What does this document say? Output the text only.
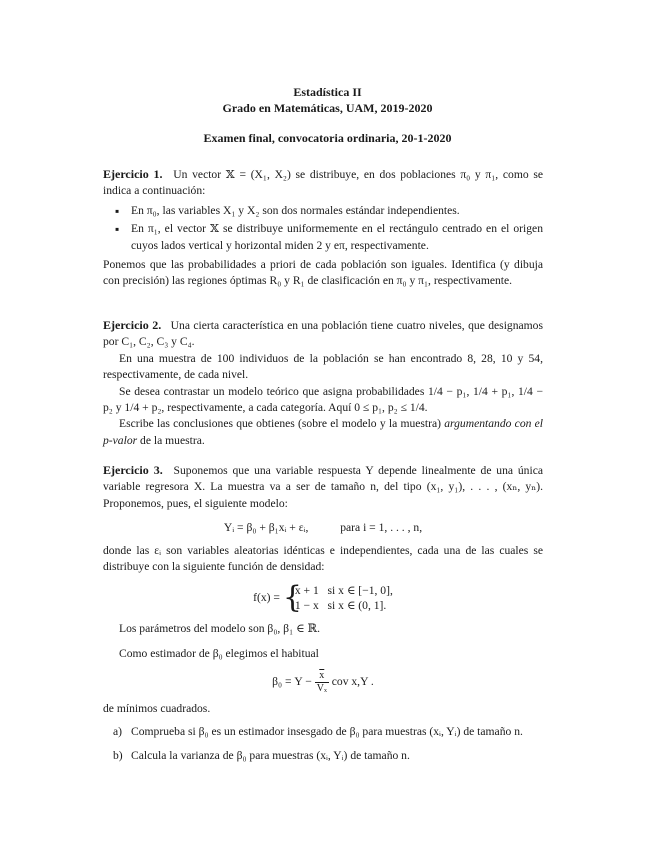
Estadística II
Grado en Matemáticas, UAM, 2019-2020
Examen final, convocatoria ordinaria, 20-1-2020

Ejercicio 1. Un vector 𝕏 = (X₁, X₂) se distribuye, en dos poblaciones π₀ y π₁, como se indica a continuación:

▪ En π₀, las variables X₁ y X₂ son dos normales estándar independientes.
▪ En π₁, el vector 𝕏 se distribuye uniformemente en el rectángulo centrado en el origen cuyos lados vertical y horizontal miden 2 y eπ, respectivamente.

Ponemos que las probabilidades a priori de cada población son iguales. Identifica (y dibuja con precisión) las regiones óptimas R₀ y R₁ de clasificación en π₀ y π₁, respectivamente.

Ejercicio 2. Una cierta característica en una población tiene cuatro niveles, que designamos por C₁, C₂, C₃ y C₄.

En una muestra de 100 individuos de la población se han encontrado 8, 28, 10 y 54, respectivamente, de cada nivel.

Se desea contrastar un modelo teórico que asigna probabilidades 1/4 − p₁, 1/4 + p₁, 1/4 − p₂ y 1/4 + p₂, respectivamente, a cada categoría. Aquí 0 ≤ p₁, p₂ ≤ 1/4.

Escribe las conclusiones que obtienes (sobre el modelo y la muestra) argumentando con el p-valor de la muestra.

Ejercicio 3. Suponemos que una variable respuesta Y depende linealmente de una única variable regresora X. La muestra va a ser de tamaño n, del tipo (x₁, y₁), . . . , (xₙ, yₙ). Proponemos, pues, el siguiente modelo:

Yᵢ = β₀ + β₁xᵢ + εᵢ,	para i = 1, . . . , n,

donde las εᵢ son variables aleatorias idénticas e independientes, cada una de las cuales se distribuye con la siguiente función de densidad:

f(x) = {
x + 1 si x ∈ [−1, 0],
1 − x si x ∈ (0, 1].

Los parámetros del modelo son β₀, β₁ ∈ ℝ.

Como estimador de β₀ elegimos el habitual

$\beta_0 = Y - \frac{\overline{x}}{\text{Vₓ}}$ cov x,Y .

de mínimos cuadrados.

a) Comprueba si β₀ es un estimador insesgado de β₀ para muestras (xᵢ, Yᵢ) de tamaño n.
b) Calcula la varianza de β₀ para muestras (xᵢ, Yᵢ) de tamaño n.
